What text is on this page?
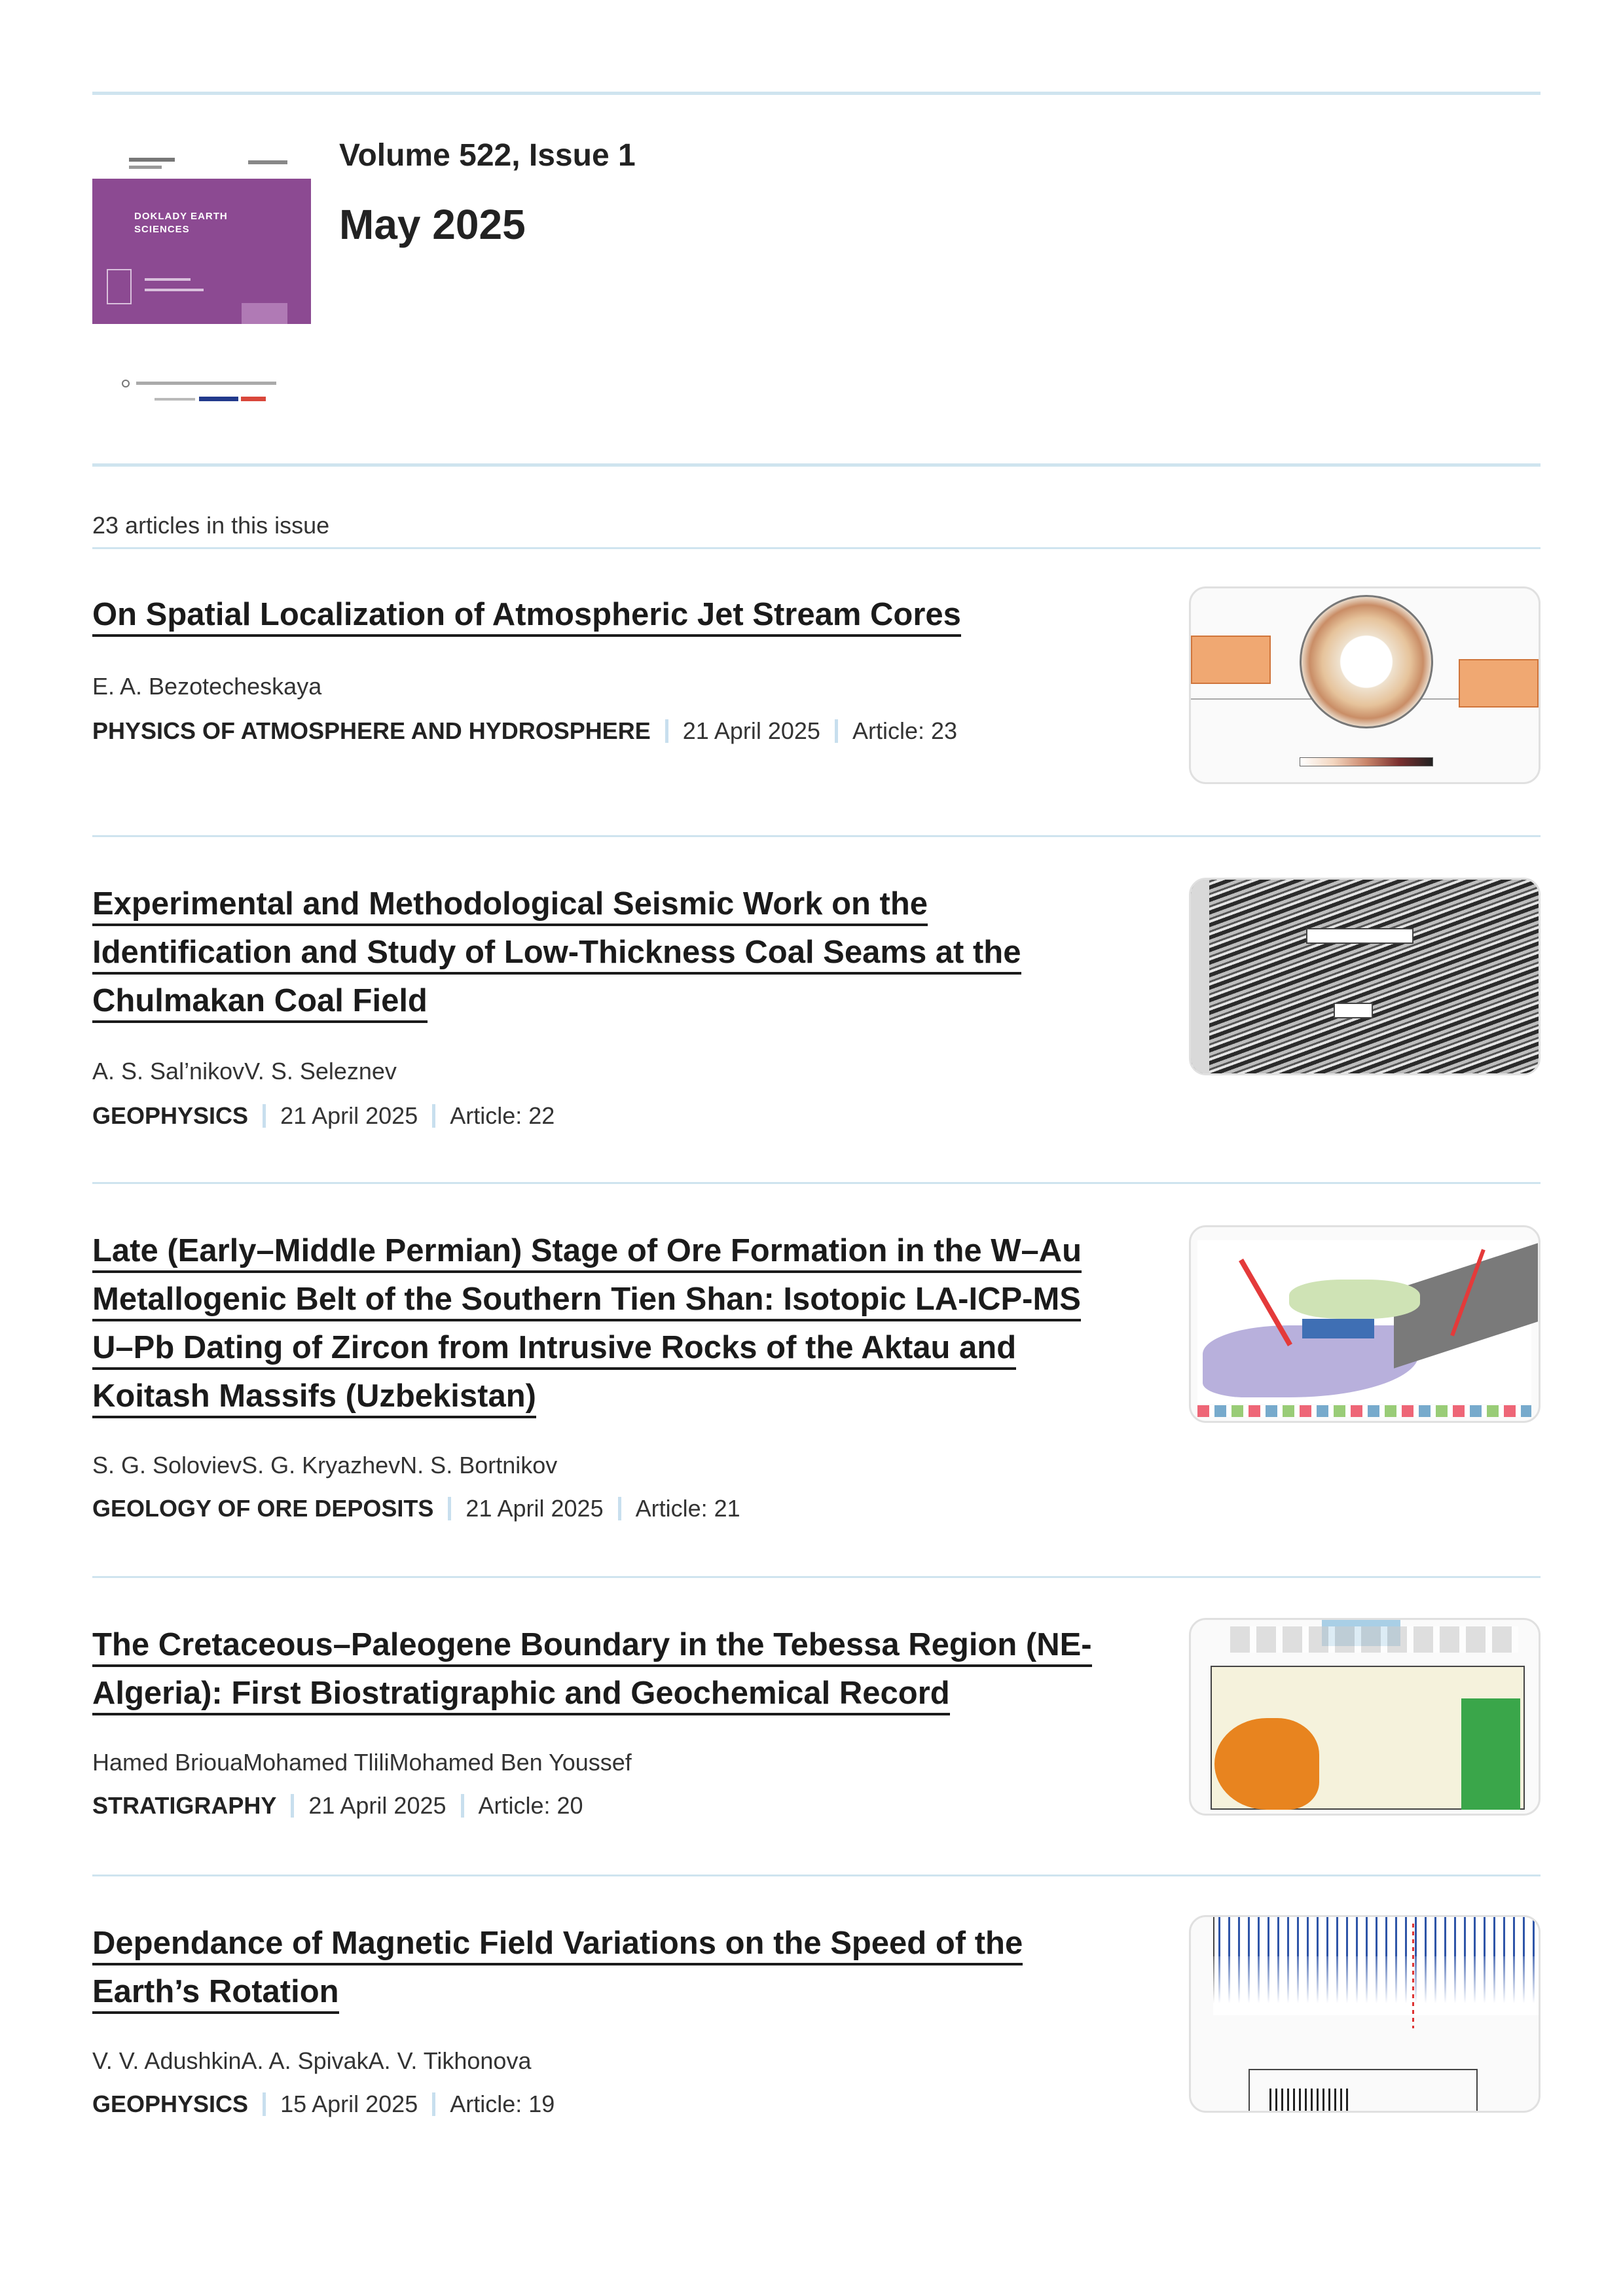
DOKLADY EARTH
SCIENCES
Volume 522, Issue 1
May 2025
23 articles in this issue
On Spatial Localization of Atmospheric Jet Stream Cores
E. A. Bezotecheskaya
PHYSICS OF ATMOSPHERE AND HYDROSPHERE 21 April 2025 Article: 23
Experimental and Methodological Seismic Work on the
Identification and Study of Low-Thickness Coal Seams at the
Chulmakan Coal Field
A. S. Sal’nikovV. S. Seleznev
GEOPHYSICS 21 April 2025 Article: 22
Late (Early–Middle Permian) Stage of Ore Formation in the W–Au
Metallogenic Belt of the Southern Tien Shan: Isotopic LA-ICP-MS
U–Pb Dating of Zircon from Intrusive Rocks of the Aktau and
Koitash Massifs (Uzbekistan)
S. G. SolovievS. G. KryazhevN. S. Bortnikov
GEOLOGY OF ORE DEPOSITS 21 April 2025 Article: 21
The Cretaceous–Paleogene Boundary in the Tebessa Region (NE-
Algeria): First Biostratigraphic and Geochemical Record
Hamed BriouaMohamed TliliMohamed Ben Youssef
STRATIGRAPHY 21 April 2025 Article: 20
Dependance of Magnetic Field Variations on the Speed of the
Earth’s Rotation
V. V. AdushkinA. A. SpivakA. V. Tikhonova
GEOPHYSICS 15 April 2025 Article: 19
